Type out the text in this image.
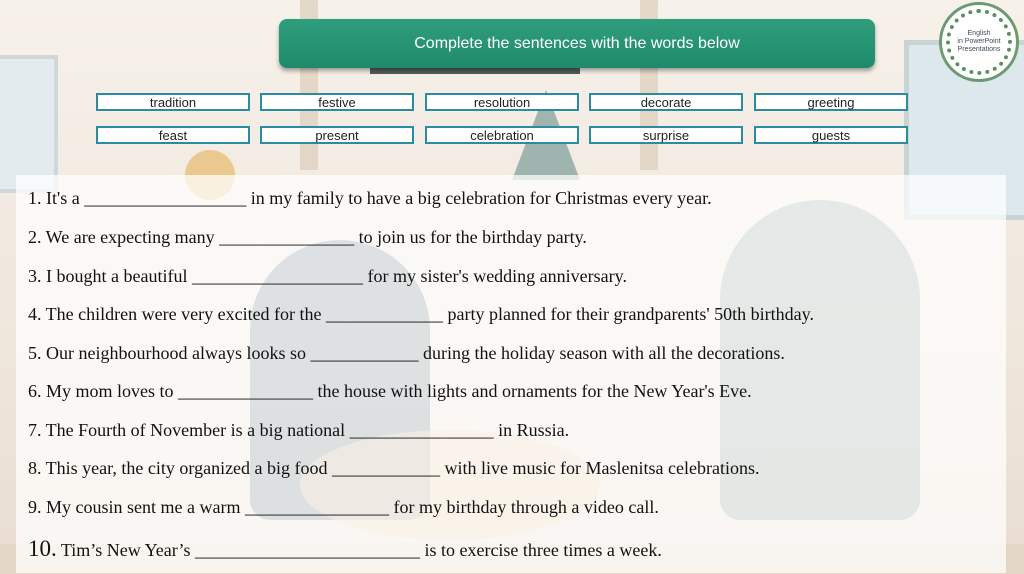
Complete the sentences with the words below
English
in PowerPoint
Presentations
tradition	festive	resolution	decorate	greeting
feast	present	celebration	surprise	guests
1. It's a __________________ in my family to have a big celebration for Christmas every year.
2. We are expecting many _______________ to join us for the birthday party.
3. I bought a beautiful ___________________ for my sister's wedding anniversary.
4. The children were very excited for the _____________ party planned for their grandparents' 50th birthday.
5. Our neighbourhood always looks so ____________ during the holiday season with all the decorations.
6. My mom loves to _______________ the house with lights and ornaments for the New Year's Eve.
7. The Fourth of November is a big national ________________ in Russia.
8. This year, the city organized a big food ____________ with live music for Maslenitsa celebrations.
9. My cousin sent me a warm ________________ for my birthday through a video call.
10. Tim’s New Year’s _________________________ is to exercise three times a week.
